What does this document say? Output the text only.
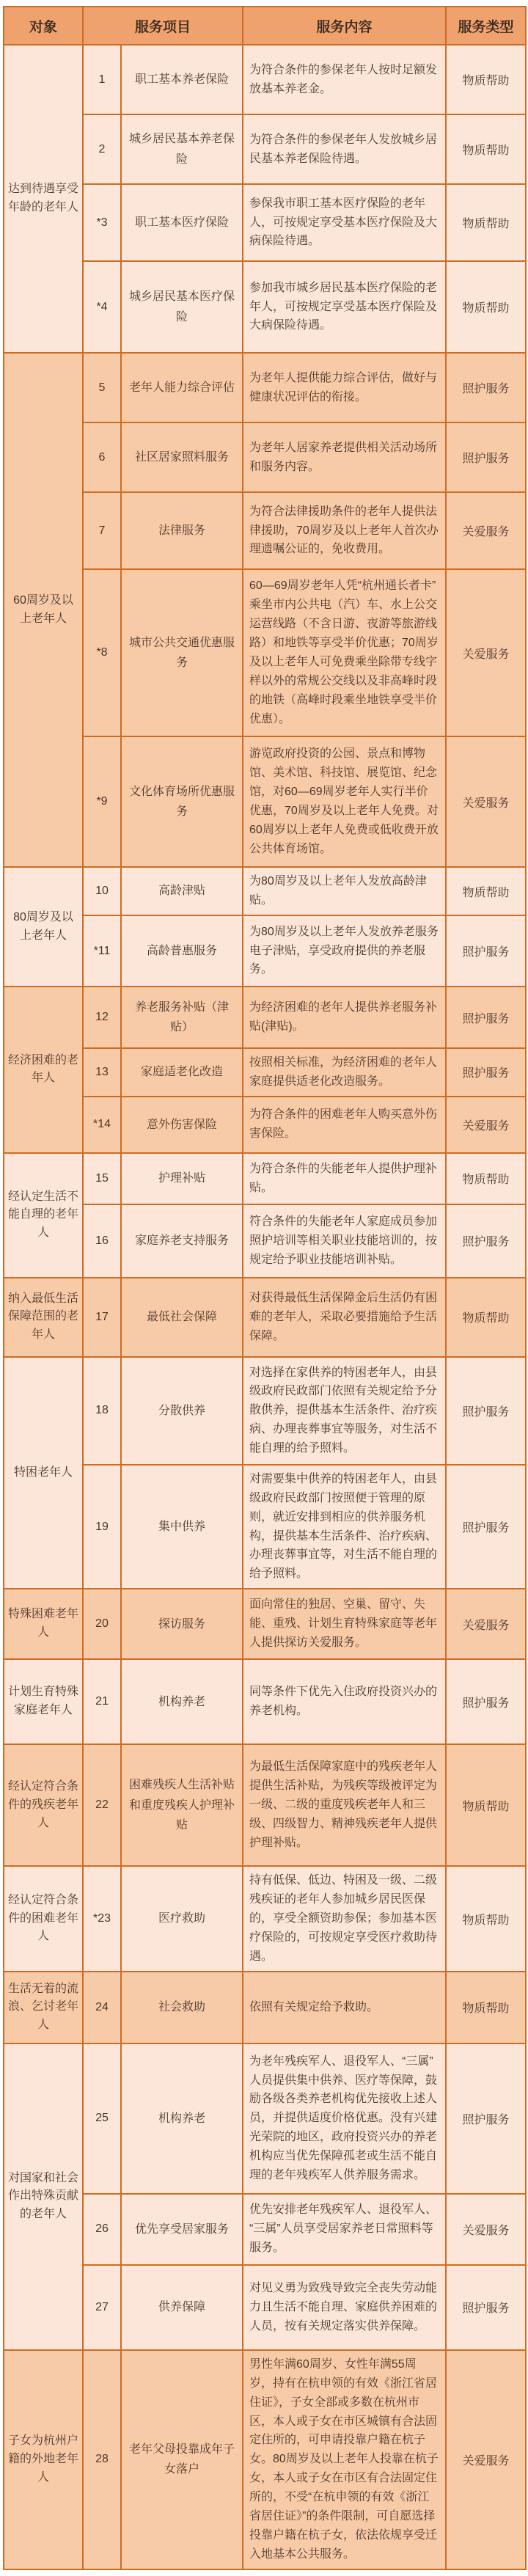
对象	服务项目		服务内容	服务类型
达到待遇享受年龄的老年人	1	职工基本养老保险	为符合条件的参保老年人按时足额发放基本养老金。	物质帮助
	2	城乡居民基本养老保险	为符合条件的参保老年人发放城乡居民基本养老保险待遇。	物质帮助
	*3	职工基本医疗保险	参保我市职工基本医疗保险的老年人，可按规定享受基本医疗保险及大病保险待遇。	物质帮助
	*4	城乡居民基本医疗保险	参加我市城乡居民基本医疗保险的老年人，可按规定享受基本医疗保险及大病保险待遇。	物质帮助
60周岁及以上老年人	5	老年人能力综合评估	为老年人提供能力综合评估，做好与健康状况评估的衔接。	照护服务
	6	社区居家照料服务	为老年人居家养老提供相关活动场所和服务内容。	照护服务
	7	法律服务	为符合法律援助条件的老年人提供法律援助，70周岁及以上老年人首次办理遗嘱公证的，免收费用。	关爱服务
	*8	城市公共交通优惠服务	60—69周岁老年人凭“杭州通长者卡”乘坐市内公共电（汽）车、水上公交运营线路（不含日游、夜游等旅游线路）和地铁等享受半价优惠；70周岁及以上老年人可免费乘坐除带专线字样以外的常规公交线以及非高峰时段的地铁（高峰时段乘坐地铁享受半价优惠）。	关爱服务
	*9	文化体育场所优惠服务	游览政府投资的公园、景点和博物馆、美术馆、科技馆、展览馆、纪念馆，对60—69周岁老年人实行半价优惠，70周岁及以上老年人免费。对60周岁以上老年人免费或低收费开放公共体育场馆。	关爱服务
80周岁及以上老年人	10	高龄津贴	为80周岁及以上老年人发放高龄津贴。	物质帮助
	*11	高龄普惠服务	为80周岁及以上老年人发放养老服务电子津贴，享受政府提供的养老服务。	照护服务
经济困难的老年人	12	养老服务补贴（津贴）	为经济困难的老年人提供养老服务补贴(津贴)。	照护服务
	13	家庭适老化改造	按照相关标准，为经济困难的老年人家庭提供适老化改造服务。	照护服务
	*14	意外伤害保险	为符合条件的困难老年人购买意外伤害保险。	关爱服务
经认定生活不能自理的老年人	15	护理补贴	为符合条件的失能老年人提供护理补贴。	物质帮助
	16	家庭养老支持服务	符合条件的失能老年人家庭成员参加照护培训等相关职业技能培训的，按规定给予职业技能培训补贴。	照护服务
纳入最低生活保障范围的老年人	17	最低社会保障	对获得最低生活保障金后生活仍有困难的老年人，采取必要措施给予生活保障。	物质帮助
特困老年人	18	分散供养	对选择在家供养的特困老年人，由县级政府民政部门依照有关规定给予分散供养，提供基本生活条件、治疗疾病、办理丧葬事宜等服务，对生活不能自理的给予照料。	照护服务
	19	集中供养	对需要集中供养的特困老年人，由县级政府民政部门按照便于管理的原则，就近安排到相应的供养服务机构，提供基本生活条件、治疗疾病、办理丧葬事宜等，对生活不能自理的给予照料。	照护服务
特殊困难老年人	20	探访服务	面向常住的独居、空巢、留守、失能、重残、计划生育特殊家庭等老年人提供探访关爱服务。	关爱服务
计划生育特殊家庭老年人	21	机构养老	同等条件下优先入住政府投资兴办的养老机构。	照护服务
经认定符合条件的残疾老年人	22	困难残疾人生活补贴和重度残疾人护理补贴	为最低生活保障家庭中的残疾老年人提供生活补贴，为残疾等级被评定为一级、二级的重度残疾老年人和三级、四级智力、精神残疾老年人提供护理补贴。	物质帮助
经认定符合条件的困难老年人	*23	医疗救助	持有低保、低边、特困及一级、二级残疾证的老年人参加城乡居民医保的，享受全额资助参保；参加基本医疗保险的，可按规定享受医疗救助待遇。	物质帮助
生活无着的流浪、乞讨老年人	24	社会救助	依照有关规定给予救助。	物质帮助
对国家和社会作出特殊贡献的老年人	25	机构养老	为老年残疾军人、退役军人、“三属”人员提供集中供养、医疗等保障，鼓励各级各类养老机构优先接收上述人员，并提供适度价格优惠。没有兴建光荣院的地区，政府投资兴办的养老机构应当优先保障孤老或生活不能自理的老年残疾军人供养服务需求。	照护服务
	26	优先享受居家服务	优先安排老年残疾军人、退役军人、“三属”人员享受居家养老日常照料等服务。	关爱服务
	27	供养保障	对见义勇为致残导致完全丧失劳动能力且生活不能自理、家庭供养困难的人员，按有关规定落实供养保障。	照护服务
子女为杭州户籍的外地老年人	28	老年父母投靠成年子女落户	男性年满60周岁、女性年满55周岁，持有在杭申领的有效《浙江省居住证》，子女全部或多数在杭州市区，本人或子女在市区城镇有合法固定住所的，可申请投靠户籍在杭子女。80周岁及以上老年人投靠在杭子女，本人或子女在市区有合法固定住所的，不受“在杭申领的有效《浙江省居住证》”的条件限制，可自愿选择投靠户籍在杭子女，依法依规享受迁入地基本公共服务。	关爱服务
